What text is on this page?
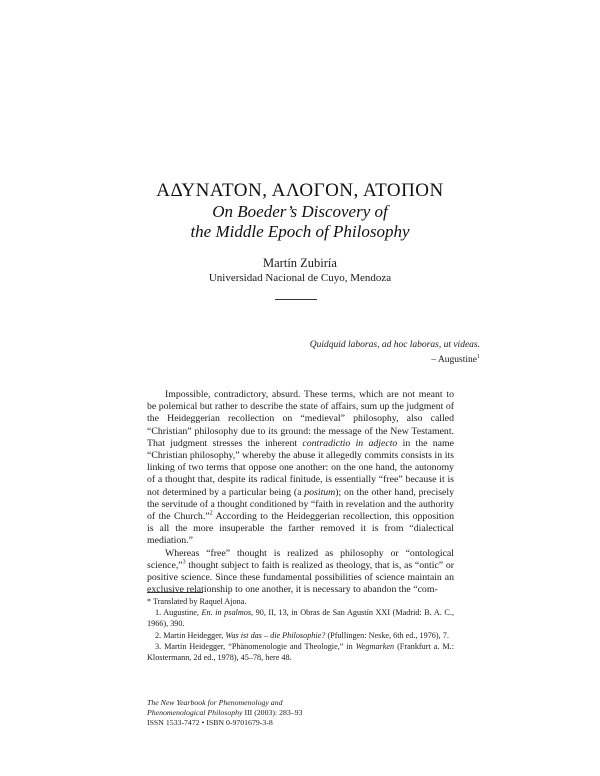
ΑΔΥΝΑΤΟΝ, ΑΛΟΓΟΝ, ΑΤΟΠΟΝ
On Boeder’s Discovery of
the Middle Epoch of Philosophy
Martín Zubiría
Universidad Nacional de Cuyo, Mendoza
Quidquid laboras, ad hoc laboras, ut videas.
– Augustine$^1$

Impossible, contradictory, absurd. These terms, which are not meant to be polemical but rather to describe the state of affairs, sum up the judgment of the Heideggerian recollection on “medieval” philosophy, also called “Christian” philosophy due to its ground: the message of the New Testament. That judgment stresses the inherent contradictio in adjecto in the name “Christian philosophy,” whereby the abuse it allegedly commits consists in its linking of two terms that oppose one another: on the one hand, the autonomy of a thought that, despite its radical finitude, is essentially “free” because it is not determined by a particular being (a positum); on the other hand, precisely the servitude of a thought conditioned by “faith in revelation and the authority of the Church.”$^2$ According to the Heideggerian recollection, this opposition is all the more insuperable the farther removed it is from “dialectical mediation.”

Whereas “free” thought is realized as philosophy or “ontological science,”$^3$ thought subject to faith is realized as theology, that is, as “ontic” or positive science. Since these fundamental possibilities of science maintain an exclusive relationship to one another, it is necessary to abandon the “com-

* Translated by Raquel Ajona.

1. Augustine, En. in psalmos, 90, II, 13, in Obras de San Agustín XXI (Madrid: B. A. C., 1966), 390.

2. Martin Heidegger, Was ist das – die Philosophie? (Pfullingen: Neske, 6th ed., 1976), 7.

3. Martin Heidegger, “Phänomenologie and Theologie,” in Wegmarken (Frankfurt a. M.: Klostermann, 2d ed., 1978), 45–78, here 48.

The New Yearbook for Phenomenology and
Phenomenological Philosophy III (2003): 283–93
ISSN 1533-7472 • ISBN 0-9701679-3-8
